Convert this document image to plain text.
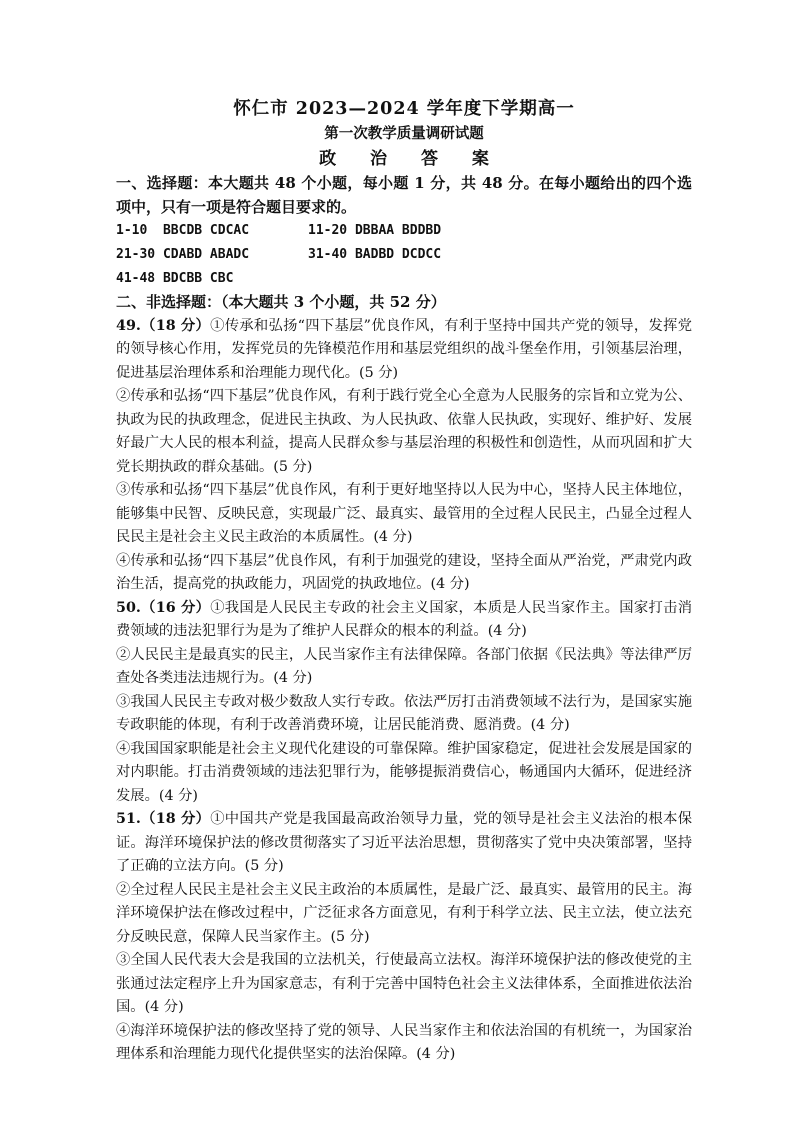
怀仁市 2023—2024 学年度下学期高一
第一次教学质量调研试题
政 治 答 案
一、选择题：本大题共 48 个小题，每小题 1 分，共 48 分。在每小题给出的四个选项中，只有一项是符合题目要求的。
1-10  BBCDB CDCAC	11-20 DBBAA BDDBD
21-30 CDABD ABADC	31-40 BADBD DCDCC
41-48 BDCBB CBC
二、非选择题：（本大题共 3 个小题，共 52 分）

49.（18 分）①传承和弘扬“四下基层”优良作风，有利于坚持中国共产党的领导，发挥党的领导核心作用，发挥党员的先锋模范作用和基层党组织的战斗堡垒作用，引领基层治理，促进基层治理体系和治理能力现代化。(5 分)

②传承和弘扬“四下基层”优良作风，有利于践行党全心全意为人民服务的宗旨和立党为公、执政为民的执政理念，促进民主执政、为人民执政、依靠人民执政，实现好、维护好、发展好最广大人民的根本利益，提高人民群众参与基层治理的积极性和创造性，从而巩固和扩大党长期执政的群众基础。(5 分)

③传承和弘扬“四下基层”优良作风，有利于更好地坚持以人民为中心，坚持人民主体地位，能够集中民智、反映民意，实现最广泛、最真实、最管用的全过程人民民主，凸显全过程人民民主是社会主义民主政治的本质属性。(4 分)

④传承和弘扬“四下基层”优良作风，有利于加强党的建设，坚持全面从严治党，严肃党内政治生活，提高党的执政能力，巩固党的执政地位。(4 分)

50.（16 分）①我国是人民民主专政的社会主义国家，本质是人民当家作主。国家打击消费领域的违法犯罪行为是为了维护人民群众的根本的利益。(4 分)

②人民民主是最真实的民主，人民当家作主有法律保障。各部门依据《民法典》等法律严厉查处各类违法违规行为。(4 分)

③我国人民民主专政对极少数敌人实行专政。依法严厉打击消费领域不法行为，是国家实施专政职能的体现，有利于改善消费环境，让居民能消费、愿消费。(4 分)

④我国国家职能是社会主义现代化建设的可靠保障。维护国家稳定，促进社会发展是国家的对内职能。打击消费领域的违法犯罪行为，能够提振消费信心，畅通国内大循环，促进经济发展。(4 分)

51.（18 分）①中国共产党是我国最高政治领导力量，党的领导是社会主义法治的根本保证。海洋环境保护法的修改贯彻落实了习近平法治思想，贯彻落实了党中央决策部署，坚持了正确的立法方向。(5 分)

②全过程人民民主是社会主义民主政治的本质属性，是最广泛、最真实、最管用的民主。海洋环境保护法在修改过程中，广泛征求各方面意见，有利于科学立法、民主立法，使立法充分反映民意，保障人民当家作主。(5 分)

③全国人民代表大会是我国的立法机关，行使最高立法权。海洋环境保护法的修改使党的主张通过法定程序上升为国家意志，有利于完善中国特色社会主义法律体系，全面推进依法治国。(4 分)

④海洋环境保护法的修改坚持了党的领导、人民当家作主和依法治国的有机统一，为国家治理体系和治理能力现代化提供坚实的法治保障。(4 分)
